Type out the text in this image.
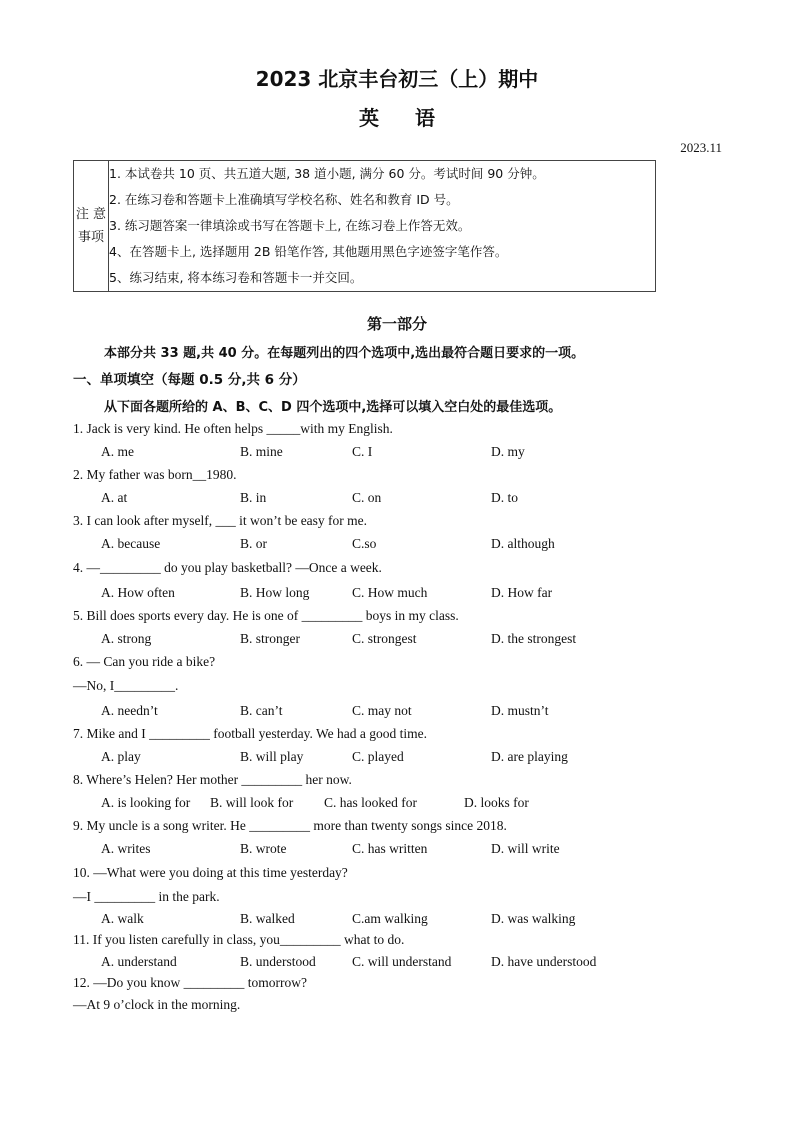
2023 北京丰台初三（上）期中
英语
2023.11
注 意
事项

1. 本试卷共 10 页、共五道大题, 38 道小题, 满分 60 分。考试时间 90 分钟。
2. 在练习卷和答题卡上准确填写学校名称、姓名和教育 ID 号。
3. 练习题答案一律填涂或书写在答题卡上, 在练习卷上作答无效。
4、在答题卡上, 选择题用 2B 铅笔作答, 其他题用黑色字迹签字笔作答。
5、练习结束, 将本练习卷和答题卡一并交回。
第一部分
本部分共 33 题,共 40 分。在每题列出的四个选项中,选出最符合题日要求的一项。
一、单项填空（每题 0.5 分,共 6 分）
从下面各题所给的 A、B、C、D 四个选项中,选择可以填入空白处的最佳选项。
1. Jack is very kind. He often helps _____with my English.
A. me	B. mine	C. I	D. my
2. My father was born__1980.
A. at	B. in	C. on	D. to
3. I can look after myself, ___ it won’t be easy for me.
A. because	B. or	C.so	D. although
4. —_________ do you play basketball? —Once a week.
A. How often	B. How long	C. How much	D. How far
5. Bill does sports every day. He is one of _________ boys in my class.
A. strong	B. stronger	C. strongest	D. the strongest
6. — Can you ride a bike?
—No, I_________.
A. needn’t	B. can’t	C. may not	D. mustn’t
7. Mike and I _________ football yesterday. We had a good time.
A. play	B. will play	C. played	D. are playing
8. Where’s Helen? Her mother _________ her now.
A. is looking for B. will look for C. has looked for	D. looks for
9. My uncle is a song writer. He _________ more than twenty songs since 2018.
A. writes	B. wrote	C. has written	D. will write
10. —What were you doing at this time yesterday?
—I _________ in the park.
A. walk	B. walked	C.am walking	D. was walking
11. If you listen carefully in class, you_________ what to do.
A. understand	B. understood	C. will understand	D. have understood
12. —Do you know _________ tomorrow?
—At 9 o’clock in the morning.
